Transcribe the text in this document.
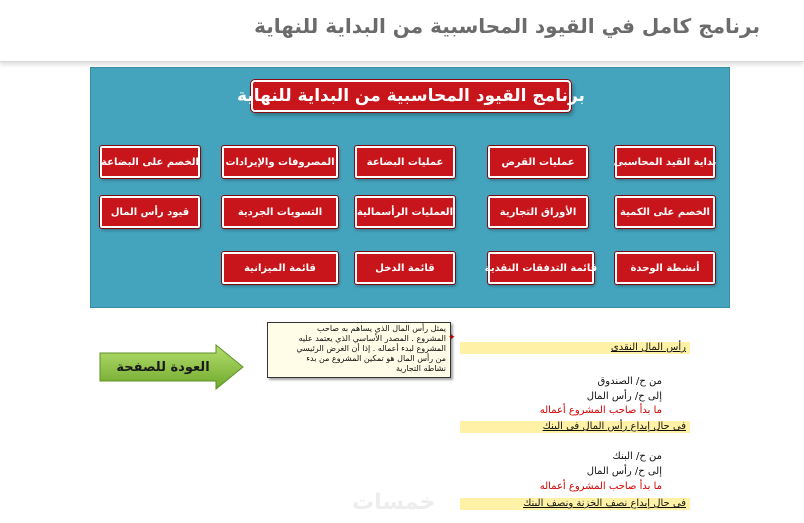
برنامج كامل في القيود المحاسبية من البداية للنهاية
برنامج القيود المحاسبية من البداية للنهاية
بداية القيد المحاسبى
عمليات القرض
عمليات البضاعة
المصروفات والإيرادات
الخصم على البضاعة
الخصم على الكمية
الأوراق التجارية
العمليات الرأسمالية
التسويات الجردية
قيود رأس المال
أنشطة الوحدة
قائمة التدفقات النقدية
قائمة الدخل
قائمة الميزانية
العودة للصفحة
يمثل رأس المال الذي يساهم به صاحب
المشروع . المصدر الأساسي الذي يعتمد عليه
المشروع لبدء أعماله . إذا أن الغرض الرئيسي
من رأس المال هو تمكين المشروع من بدء
نشاطه التجارية
✦
رأس المال النقدى
من ح/ الصندوق
إلى ح/ رأس المال
ما بدأ صاحب المشروع أعماله
فى حال إيداع رأس المال فى البنك
من ح/ البنك
إلى ح/ رأس المال
ما بدأ صاحب المشروع أعماله
فى حال إيداع نصف الخزنة ونصف البنك
خمسات
